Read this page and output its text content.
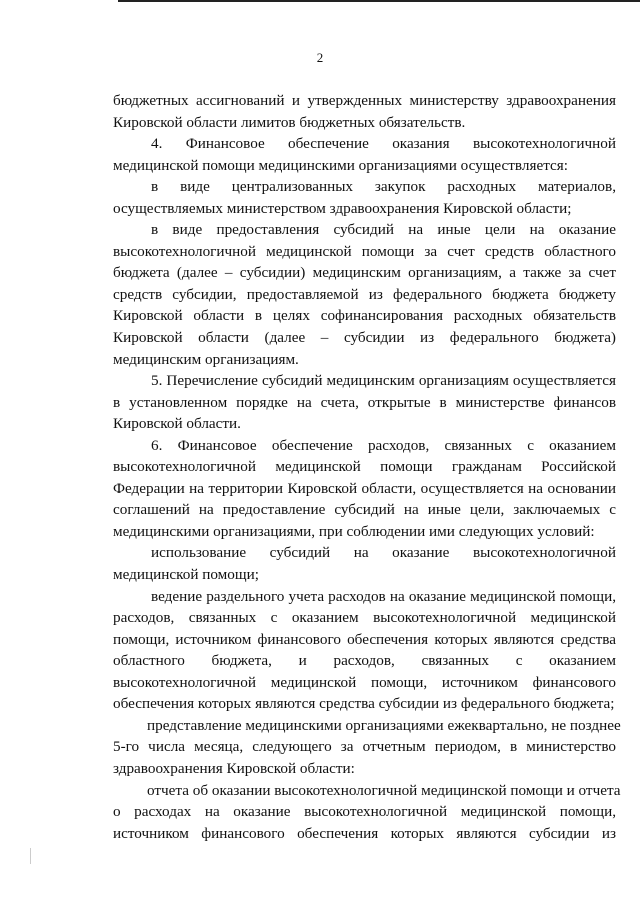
2
бюджетных ассигнований и утвержденных министерству здравоохранения
Кировской области лимитов бюджетных обязательств.
4. Финансовое обеспечение оказания высокотехнологичной
медицинской помощи медицинскими организациями осуществляется:
в виде централизованных закупок расходных материалов,
осуществляемых министерством здравоохранения Кировской области;
в виде предоставления субсидий на иные цели на оказание
высокотехнологичной медицинской помощи за счет средств областного
бюджета (далее – субсидии) медицинским организациям, а также за счет
средств субсидии, предоставляемой из федерального бюджета бюджету
Кировской области в целях софинансирования расходных обязательств
Кировской области (далее – субсидии из федерального бюджета)
медицинским организациям.
5. Перечисление субсидий медицинским организациям осуществляется
в установленном порядке на счета, открытые в министерстве финансов
Кировской области.
6. Финансовое обеспечение расходов, связанных с оказанием
высокотехнологичной медицинской помощи гражданам Российской
Федерации на территории Кировской области, осуществляется на основании
соглашений на предоставление субсидий на иные цели, заключаемых с
медицинскими организациями, при соблюдении ими следующих условий:
использование субсидий на оказание высокотехнологичной
медицинской помощи;
ведение раздельного учета расходов на оказание медицинской помощи,
расходов, связанных с оказанием высокотехнологичной медицинской
помощи, источником финансового обеспечения которых являются средства
областного бюджета, и расходов, связанных с оказанием
высокотехнологичной медицинской помощи, источником финансового
обеспечения которых являются средства субсидии из федерального бюджета;
представление медицинскими организациями ежеквартально, не позднее
5-го числа месяца, следующего за отчетным периодом, в министерство
здравоохранения Кировской области:
отчета об оказании высокотехнологичной медицинской помощи и отчета
о расходах на оказание высокотехнологичной медицинской помощи,
источником финансового обеспечения которых являются субсидии из
